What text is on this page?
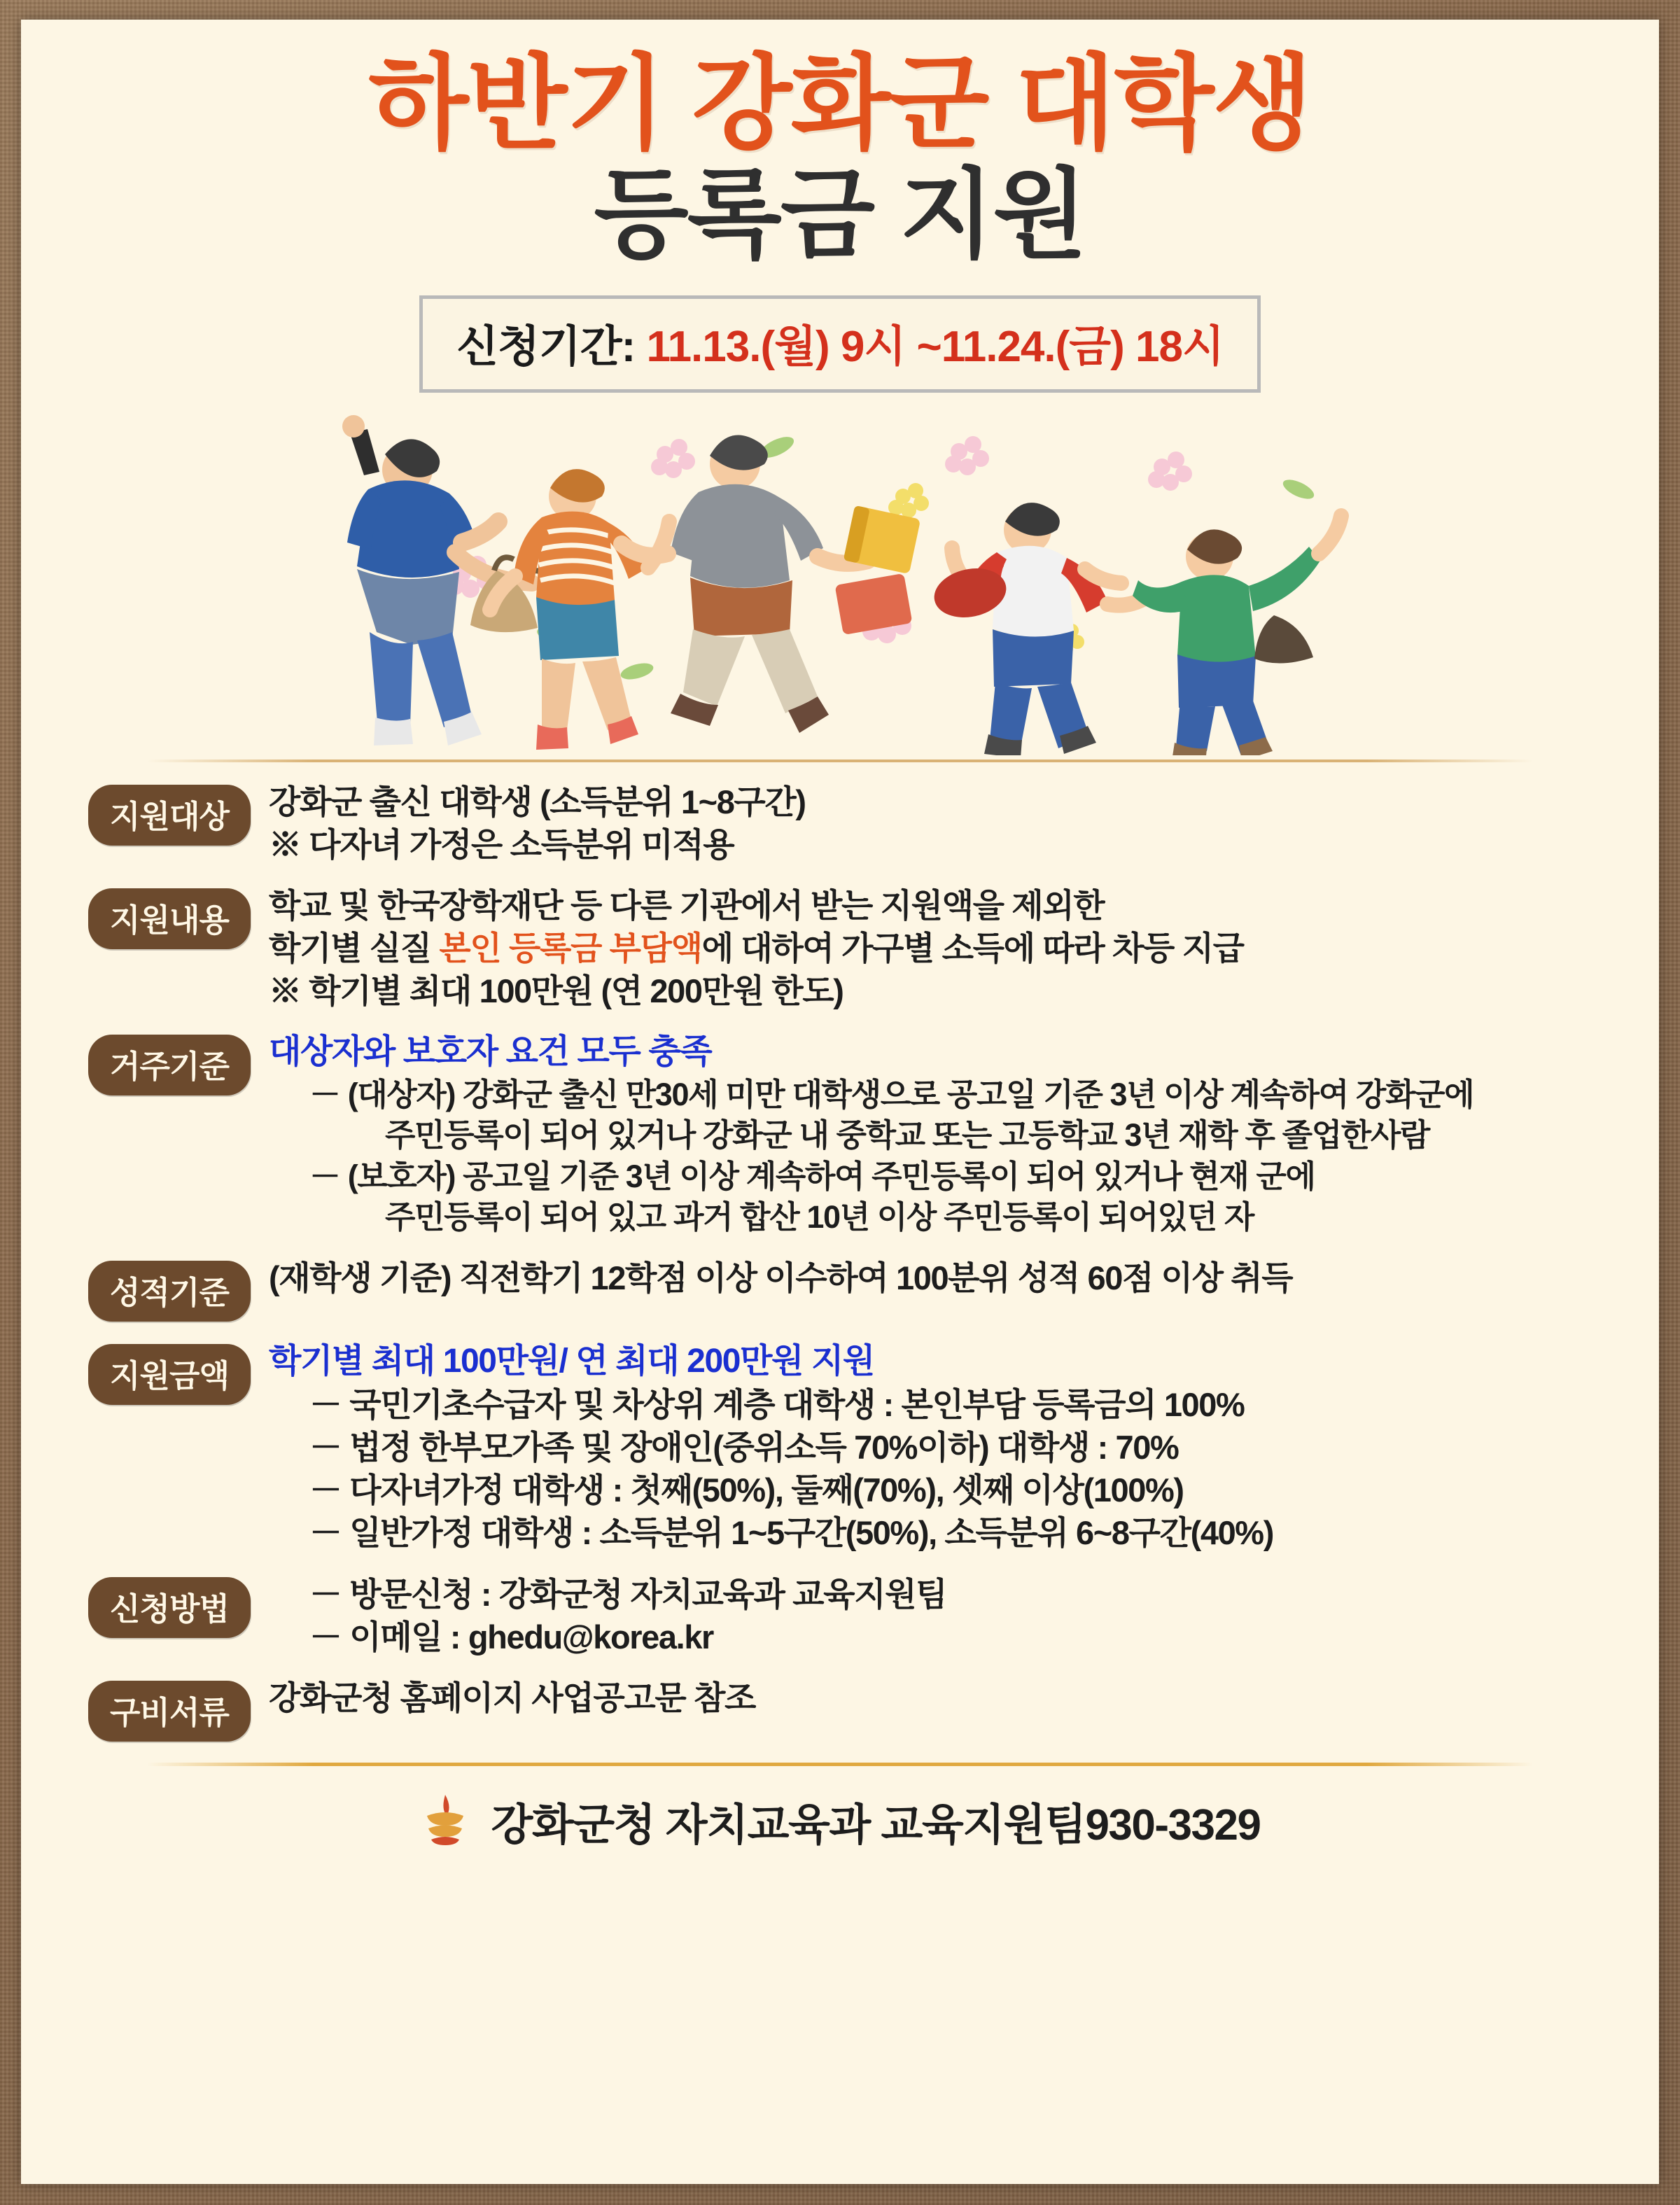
하반기 강화군 대학생
등록금 지원
신청기간: 11.13.(월) 9시 ~11.24.(금) 18시
지원대상	강화군 출신 대학생 (소득분위 1~8구간)
※ 다자녀 가정은 소득분위 미적용
지원내용	학교 및 한국장학재단 등 다른 기관에서 받는 지원액을 제외한
학기별 실질 본인 등록금 부담액에 대하여 가구별 소득에 따라 차등 지급
※ 학기별 최대 100만원 (연 200만원 한도)
거주기준	대상자와 보호자 요건 모두 충족
－ (대상자) 강화군 출신 만30세 미만 대학생으로 공고일 기준 3년 이상 계속하여 강화군에
주민등록이 되어 있거나 강화군 내 중학교 또는 고등학교 3년 재학 후 졸업한사람
－ (보호자) 공고일 기준 3년 이상 계속하여 주민등록이 되어 있거나 현재 군에
주민등록이 되어 있고 과거 합산 10년 이상 주민등록이 되어있던 자
성적기준	(재학생 기준) 직전학기 12학점 이상 이수하여 100분위 성적 60점 이상 취득
지원금액	학기별 최대 100만원/ 연 최대 200만원 지원
－ 국민기초수급자 및 차상위 계층 대학생 : 본인부담 등록금의 100%
－ 법정 한부모가족 및 장애인(중위소득 70%이하) 대학생 : 70%
－ 다자녀가정 대학생 : 첫째(50%), 둘째(70%), 셋째 이상(100%)
－ 일반가정 대학생 : 소득분위 1~5구간(50%), 소득분위 6~8구간(40%)
신청방법	－ 방문신청 : 강화군청 자치교육과 교육지원팀
－ 이메일 : ghedu@korea.kr
구비서류	강화군청 홈페이지 사업공고문 참조
강화군청 자치교육과 교육지원팀930-3329
